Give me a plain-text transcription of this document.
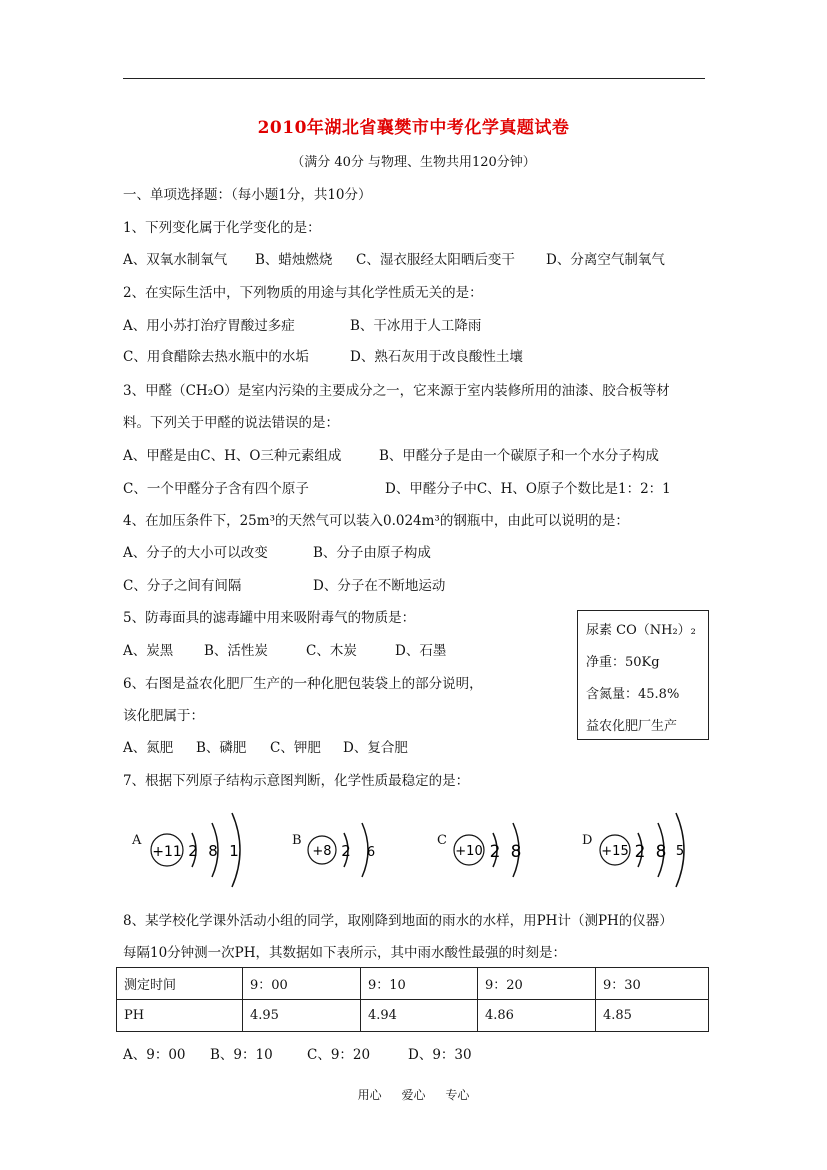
2010年湖北省襄樊市中考化学真题试卷
（满分 40分 与物理、生物共用120分钟）
一、单项选择题：（每小题1分，共10分）
1、下列变化属于化学变化的是：
A、双氧水制氧气 B、蜡烛燃烧 C、湿衣服经太阳晒后变干 D、分离空气制氧气
2、在实际生活中，下列物质的用途与其化学性质无关的是：
A、用小苏打治疗胃酸过多症	B、干冰用于人工降雨
C、用食醋除去热水瓶中的水垢	D、熟石灰用于改良酸性土壤
3、甲醛（CH₂O）是室内污染的主要成分之一，它来源于室内装修所用的油漆、胶合板等材
料。下列关于甲醛的说法错误的是：
A、甲醛是由C、H、O三种元素组成	B、甲醛分子是由一个碳原子和一个水分子构成
C、一个甲醛分子含有四个原子	D、甲醛分子中C、H、O原子个数比是1：2：1
4、在加压条件下，25m³的天然气可以装入0.024m³的钢瓶中，由此可以说明的是：
A、分子的大小可以改变	B、分子由原子构成
C、分子之间有间隔	D、分子在不断地运动
5、防毒面具的滤毒罐中用来吸附毒气的物质是：
A、炭黑 B、活性炭	C、木炭	D、石墨
尿素 CO（NH₂）₂
净重：50Kg
含氮量：45.8%
益农化肥厂生产
6、右图是益农化肥厂生产的一种化肥包装袋上的部分说明，
该化肥属于：
A、氮肥 B、磷肥 C、钾肥 D、复合肥
7、根据下列原子结构示意图判断，化学性质最稳定的是：
A
+11 2 8 1
B
+8 2 6
C
+10 2 8
D
+15 2 8 5
8、某学校化学课外活动小组的同学，取刚降到地面的雨水的水样，用PH计（测PH的仪器）
每隔10分钟测一次PH，其数据如下表所示，其中雨水酸性最强的时刻是：
测定时间	9：00	9：10	9：20	9：30
PH	4.95	4.94	4.86	4.85
A、9：00 B、9：10	C、9：20	D、9：30
用心 爱心 专心
